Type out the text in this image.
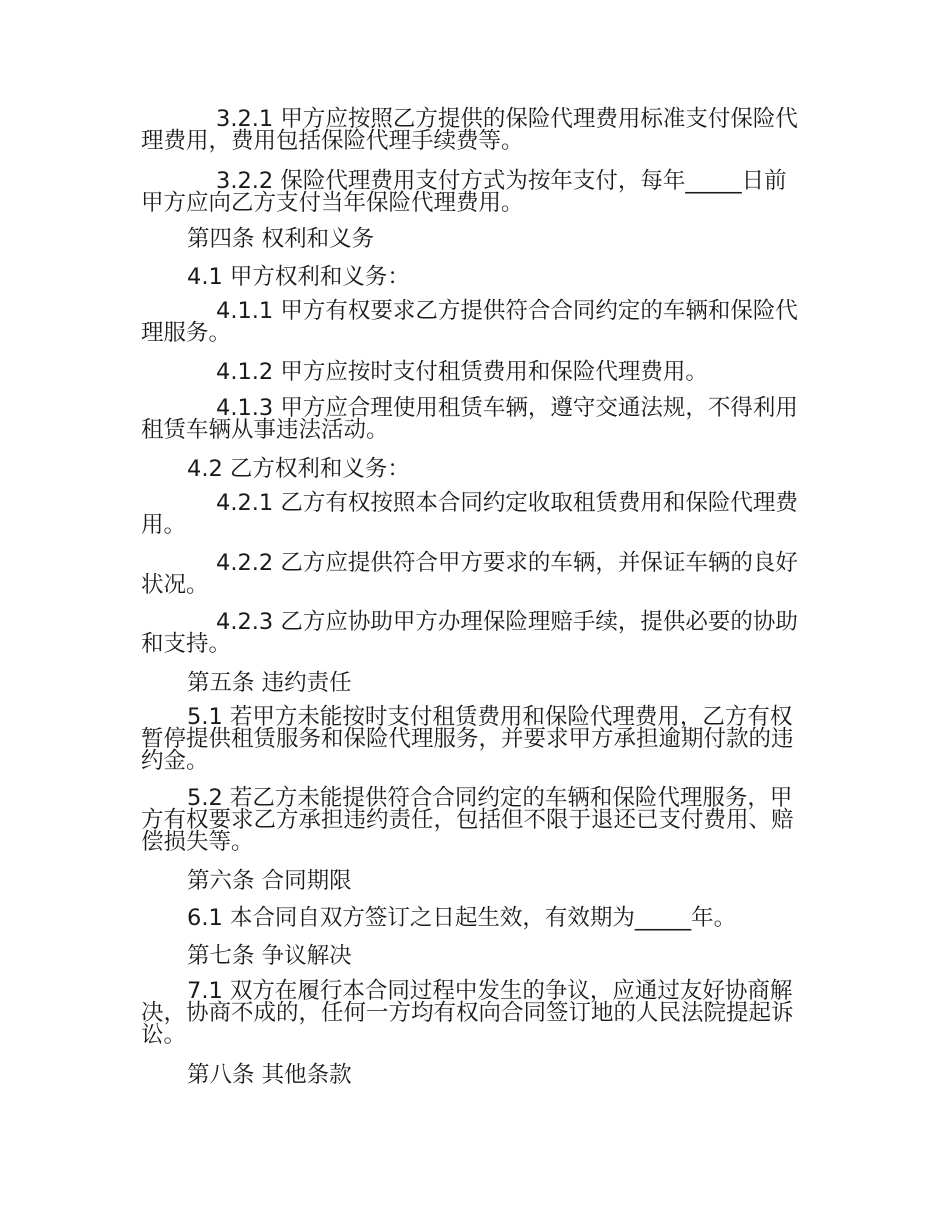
3.2.1 甲方应按照乙方提供的保险代理费用标准支付保险代理费用，费用包括保险代理手续费等。

3.2.2 保险代理费用支付方式为按年支付，每年_____日前甲方应向乙方支付当年保险代理费用。

第四条 权利和义务

4.1 甲方权利和义务：

4.1.1 甲方有权要求乙方提供符合合同约定的车辆和保险代理服务。

4.1.2 甲方应按时支付租赁费用和保险代理费用。

4.1.3 甲方应合理使用租赁车辆，遵守交通法规，不得利用租赁车辆从事违法活动。

4.2 乙方权利和义务：

4.2.1 乙方有权按照本合同约定收取租赁费用和保险代理费用。

4.2.2 乙方应提供符合甲方要求的车辆，并保证车辆的良好状况。

4.2.3 乙方应协助甲方办理保险理赔手续，提供必要的协助和支持。

第五条 违约责任

5.1 若甲方未能按时支付租赁费用和保险代理费用，乙方有权暂停提供租赁服务和保险代理服务，并要求甲方承担逾期付款的违约金。

5.2 若乙方未能提供符合合同约定的车辆和保险代理服务，甲方有权要求乙方承担违约责任，包括但不限于退还已支付费用、赔偿损失等。

第六条 合同期限

6.1 本合同自双方签订之日起生效，有效期为_____年。

第七条 争议解决

7.1 双方在履行本合同过程中发生的争议，应通过友好协商解决，协商不成的，任何一方均有权向合同签订地的人民法院提起诉讼。

第八条 其他条款
